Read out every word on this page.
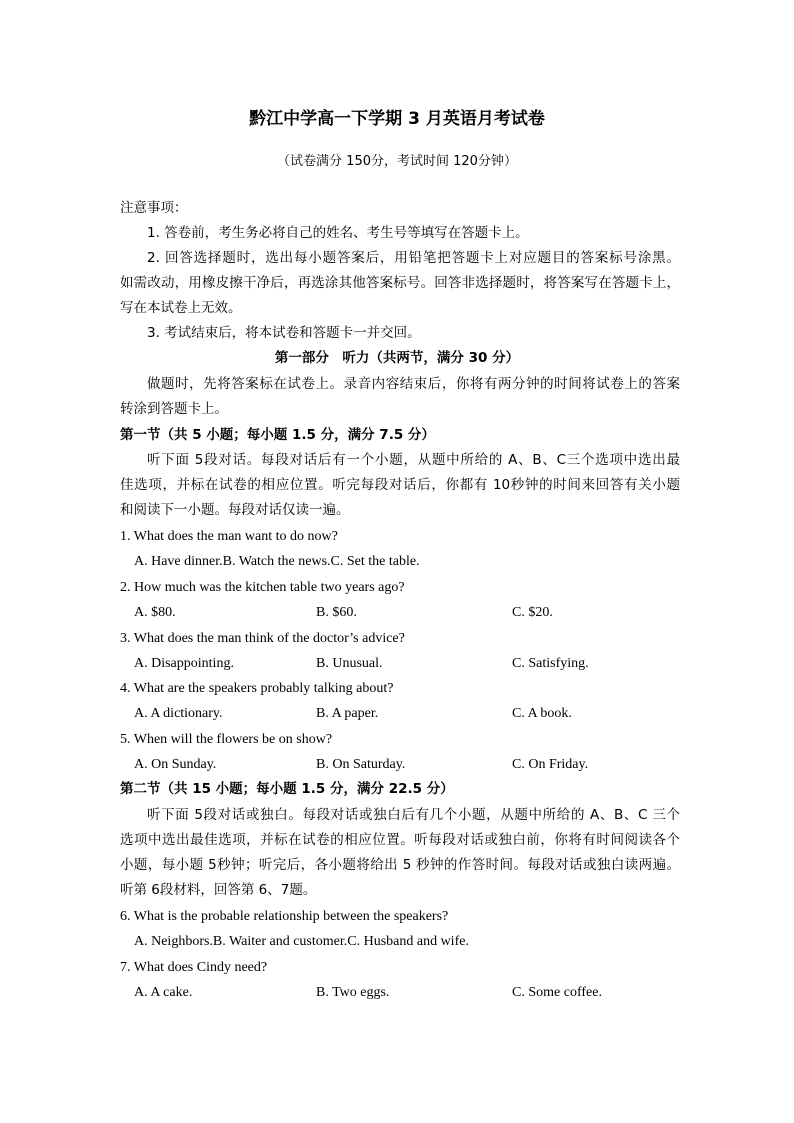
黔江中学高一下学期 3 月英语月考试卷
（试卷满分 150分，考试时间 120分钟）
注意事项：
1. 答卷前，考生务必将自己的姓名、考生号等填写在答题卡上。
2. 回答选择题时，选出每小题答案后，用铅笔把答题卡上对应题目的答案标号涂黑。
如需改动，用橡皮擦干净后，再选涂其他答案标号。回答非选择题时，将答案写在答题卡上，
写在本试卷上无效。
3. 考试结束后，将本试卷和答题卡一并交回。
第一部分　听力（共两节，满分 30 分）
做题时，先将答案标在试卷上。录音内容结束后，你将有两分钟的时间将试卷上的答案
转涂到答题卡上。
第一节（共 5 小题；每小题 1.5 分，满分 7.5 分）
听下面 5段对话。每段对话后有一个小题，从题中所给的 A、B、C三个选项中选出最
佳选项，并标在试卷的相应位置。听完每段对话后，你都有 10秒钟的时间来回答有关小题
和阅读下一小题。每段对话仅读一遍。
1. What does the man want to do now?
A. Have dinner.B. Watch the news.C. Set the table.
2. How much was the kitchen table two years ago?
A. $80.	B. $60.	C. $20.
3. What does the man think of the doctor’s advice?
A. Disappointing.	B. Unusual.	C. Satisfying.
4. What are the speakers probably talking about?
A. A dictionary.	B. A paper.	C. A book.
5. When will the flowers be on show?
A. On Sunday.	B. On Saturday.	C. On Friday.
第二节（共 15 小题；每小题 1.5 分，满分 22.5 分）
听下面 5段对话或独白。每段对话或独白后有几个小题，从题中所给的 A、B、C 三个
选项中选出最佳选项，并标在试卷的相应位置。听每段对话或独白前，你将有时间阅读各个
小题，每小题 5秒钟；听完后，各小题将给出 5 秒钟的作答时间。每段对话或独白读两遍。
听第 6段材料，回答第 6、7题。
6. What is the probable relationship between the speakers?
A. Neighbors.B. Waiter and customer.C. Husband and wife.
7. What does Cindy need?
A. A cake.	B. Two eggs.	C. Some coffee.
